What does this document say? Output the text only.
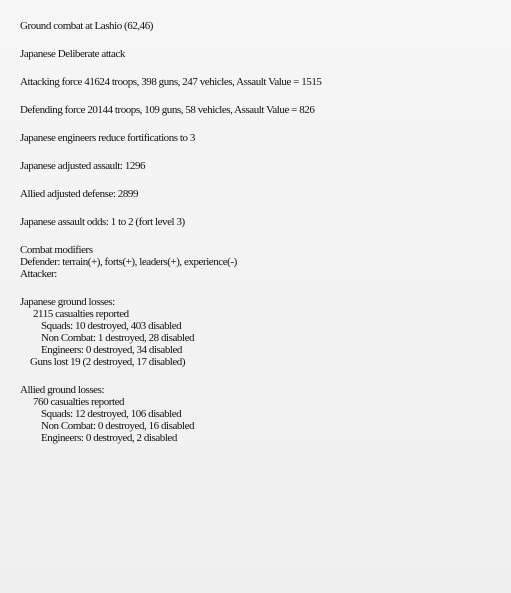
Ground combat at Lashio (62,46)
Japanese Deliberate attack
Attacking force 41624 troops, 398 guns, 247 vehicles, Assault Value = 1515
Defending force 20144 troops, 109 guns, 58 vehicles, Assault Value = 826
Japanese engineers reduce fortifications to 3
Japanese adjusted assault: 1296
Allied adjusted defense: 2899
Japanese assault odds: 1 to 2 (fort level 3)
Combat modifiers
Defender: terrain(+), forts(+), leaders(+), experience(-)
Attacker:
Japanese ground losses:
2115 casualties reported
Squads: 10 destroyed, 403 disabled
Non Combat: 1 destroyed, 28 disabled
Engineers: 0 destroyed, 34 disabled
Guns lost 19 (2 destroyed, 17 disabled)
Allied ground losses:
760 casualties reported
Squads: 12 destroyed, 106 disabled
Non Combat: 0 destroyed, 16 disabled
Engineers: 0 destroyed, 2 disabled
